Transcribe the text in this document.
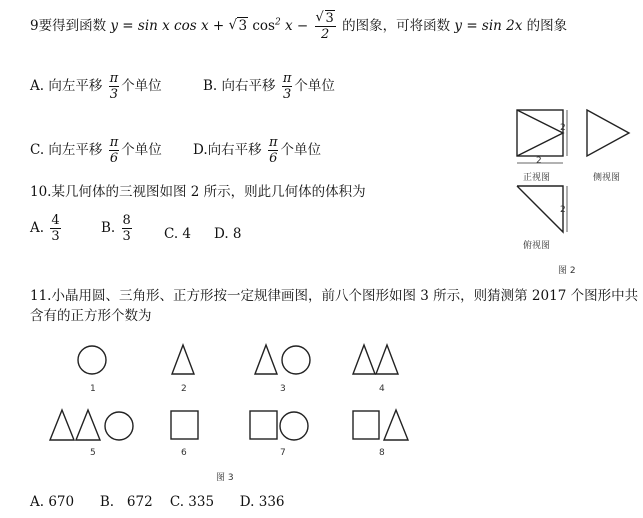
9要得到函数 y = sin x cos x + √ 3 $\cos^2 x$ −
√ $\frac{3}{2}$ 的图象，可将函数 y = sin 2x 的图象
A. 向左平移 $\frac{\pi}{3}$ 个单位	B. 向右平移 $\frac{\pi}{3}$ 个单位
C. 向左平移 $\frac{\pi}{6}$ 个单位 D.向右平移 $\frac{\pi}{6}$ 个单位
10.某几何体的三视图如图 2 所示，则此几何体的体积为
A. $\frac{4}{3}$	B. $\frac{8}{3} C$. 4 D. 8
2
2
2
正视图	侧视图
俯视图
图 2
11.小晶用圆、三角形、正方形按一定规律画图，前八个图形如图 3 所示，则猜测第 2017 个图形中共
含有的正方形个数为
1	2	3	4
5	6	7	8
图 3
A. 670      B.   672    C. 335      D. 336
